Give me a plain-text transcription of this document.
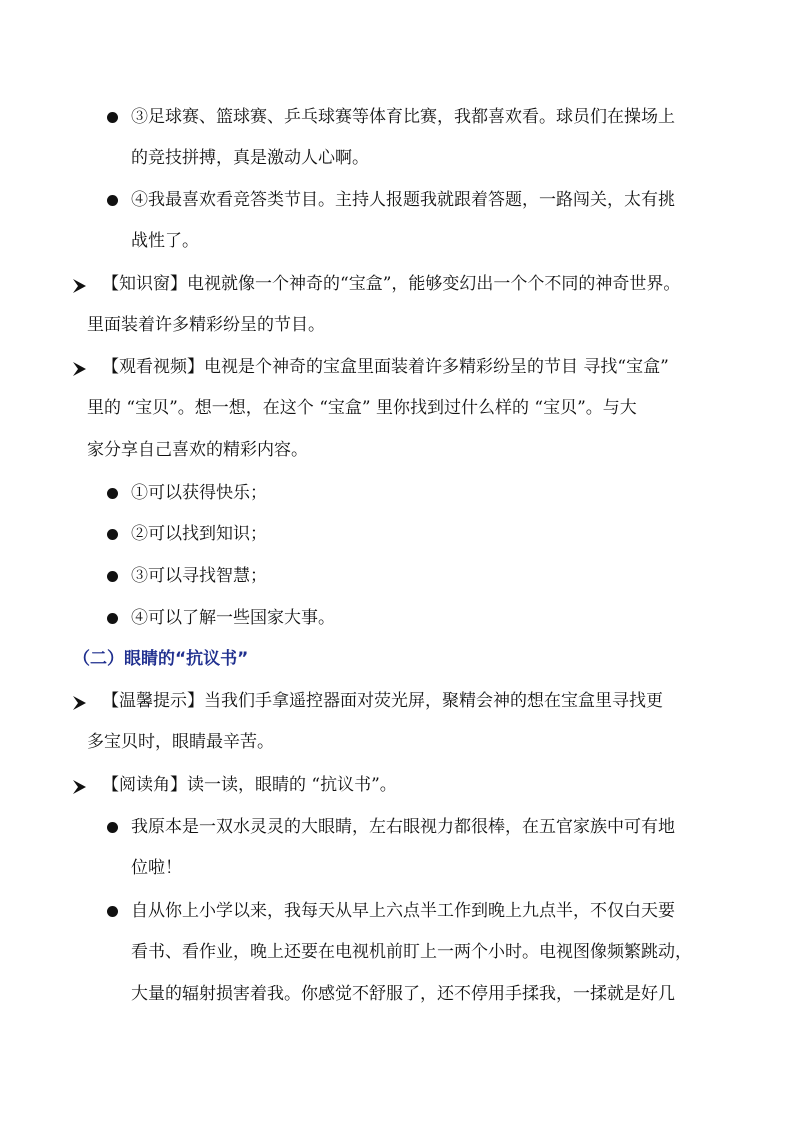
③足球赛、篮球赛、乒乓球赛等体育比赛，我都喜欢看。球员们在操场上
的竞技拼搏，真是激动人心啊。
④我最喜欢看竞答类节目。主持人报题我就跟着答题，一路闯关，太有挑
战性了。
【知识窗】电视就像一个神奇的“宝盒”，能够变幻出一个个不同的神奇世界。
里面装着许多精彩纷呈的节目。
【观看视频】电视是个神奇的宝盒里面装着许多精彩纷呈的节目 寻找“宝盒”
里的 “宝贝”。想一想，在这个 “宝盒” 里你找到过什么样的 “宝贝”。与大
家分享自己喜欢的精彩内容。
①可以获得快乐；
②可以找到知识；
③可以寻找智慧；
④可以了解一些国家大事。
（二）眼睛的“抗议书”
【温馨提示】当我们手拿遥控器面对荧光屏，聚精会神的想在宝盒里寻找更
多宝贝时，眼睛最辛苦。
【阅读角】读一读，眼睛的 “抗议书”。
我原本是一双水灵灵的大眼睛，左右眼视力都很棒，在五官家族中可有地
位啦！
自从你上小学以来，我每天从早上六点半工作到晚上九点半，不仅白天要
看书、看作业，晚上还要在电视机前盯上一两个小时。电视图像频繁跳动，
大量的辐射损害着我。你感觉不舒服了，还不停用手揉我，一揉就是好几
